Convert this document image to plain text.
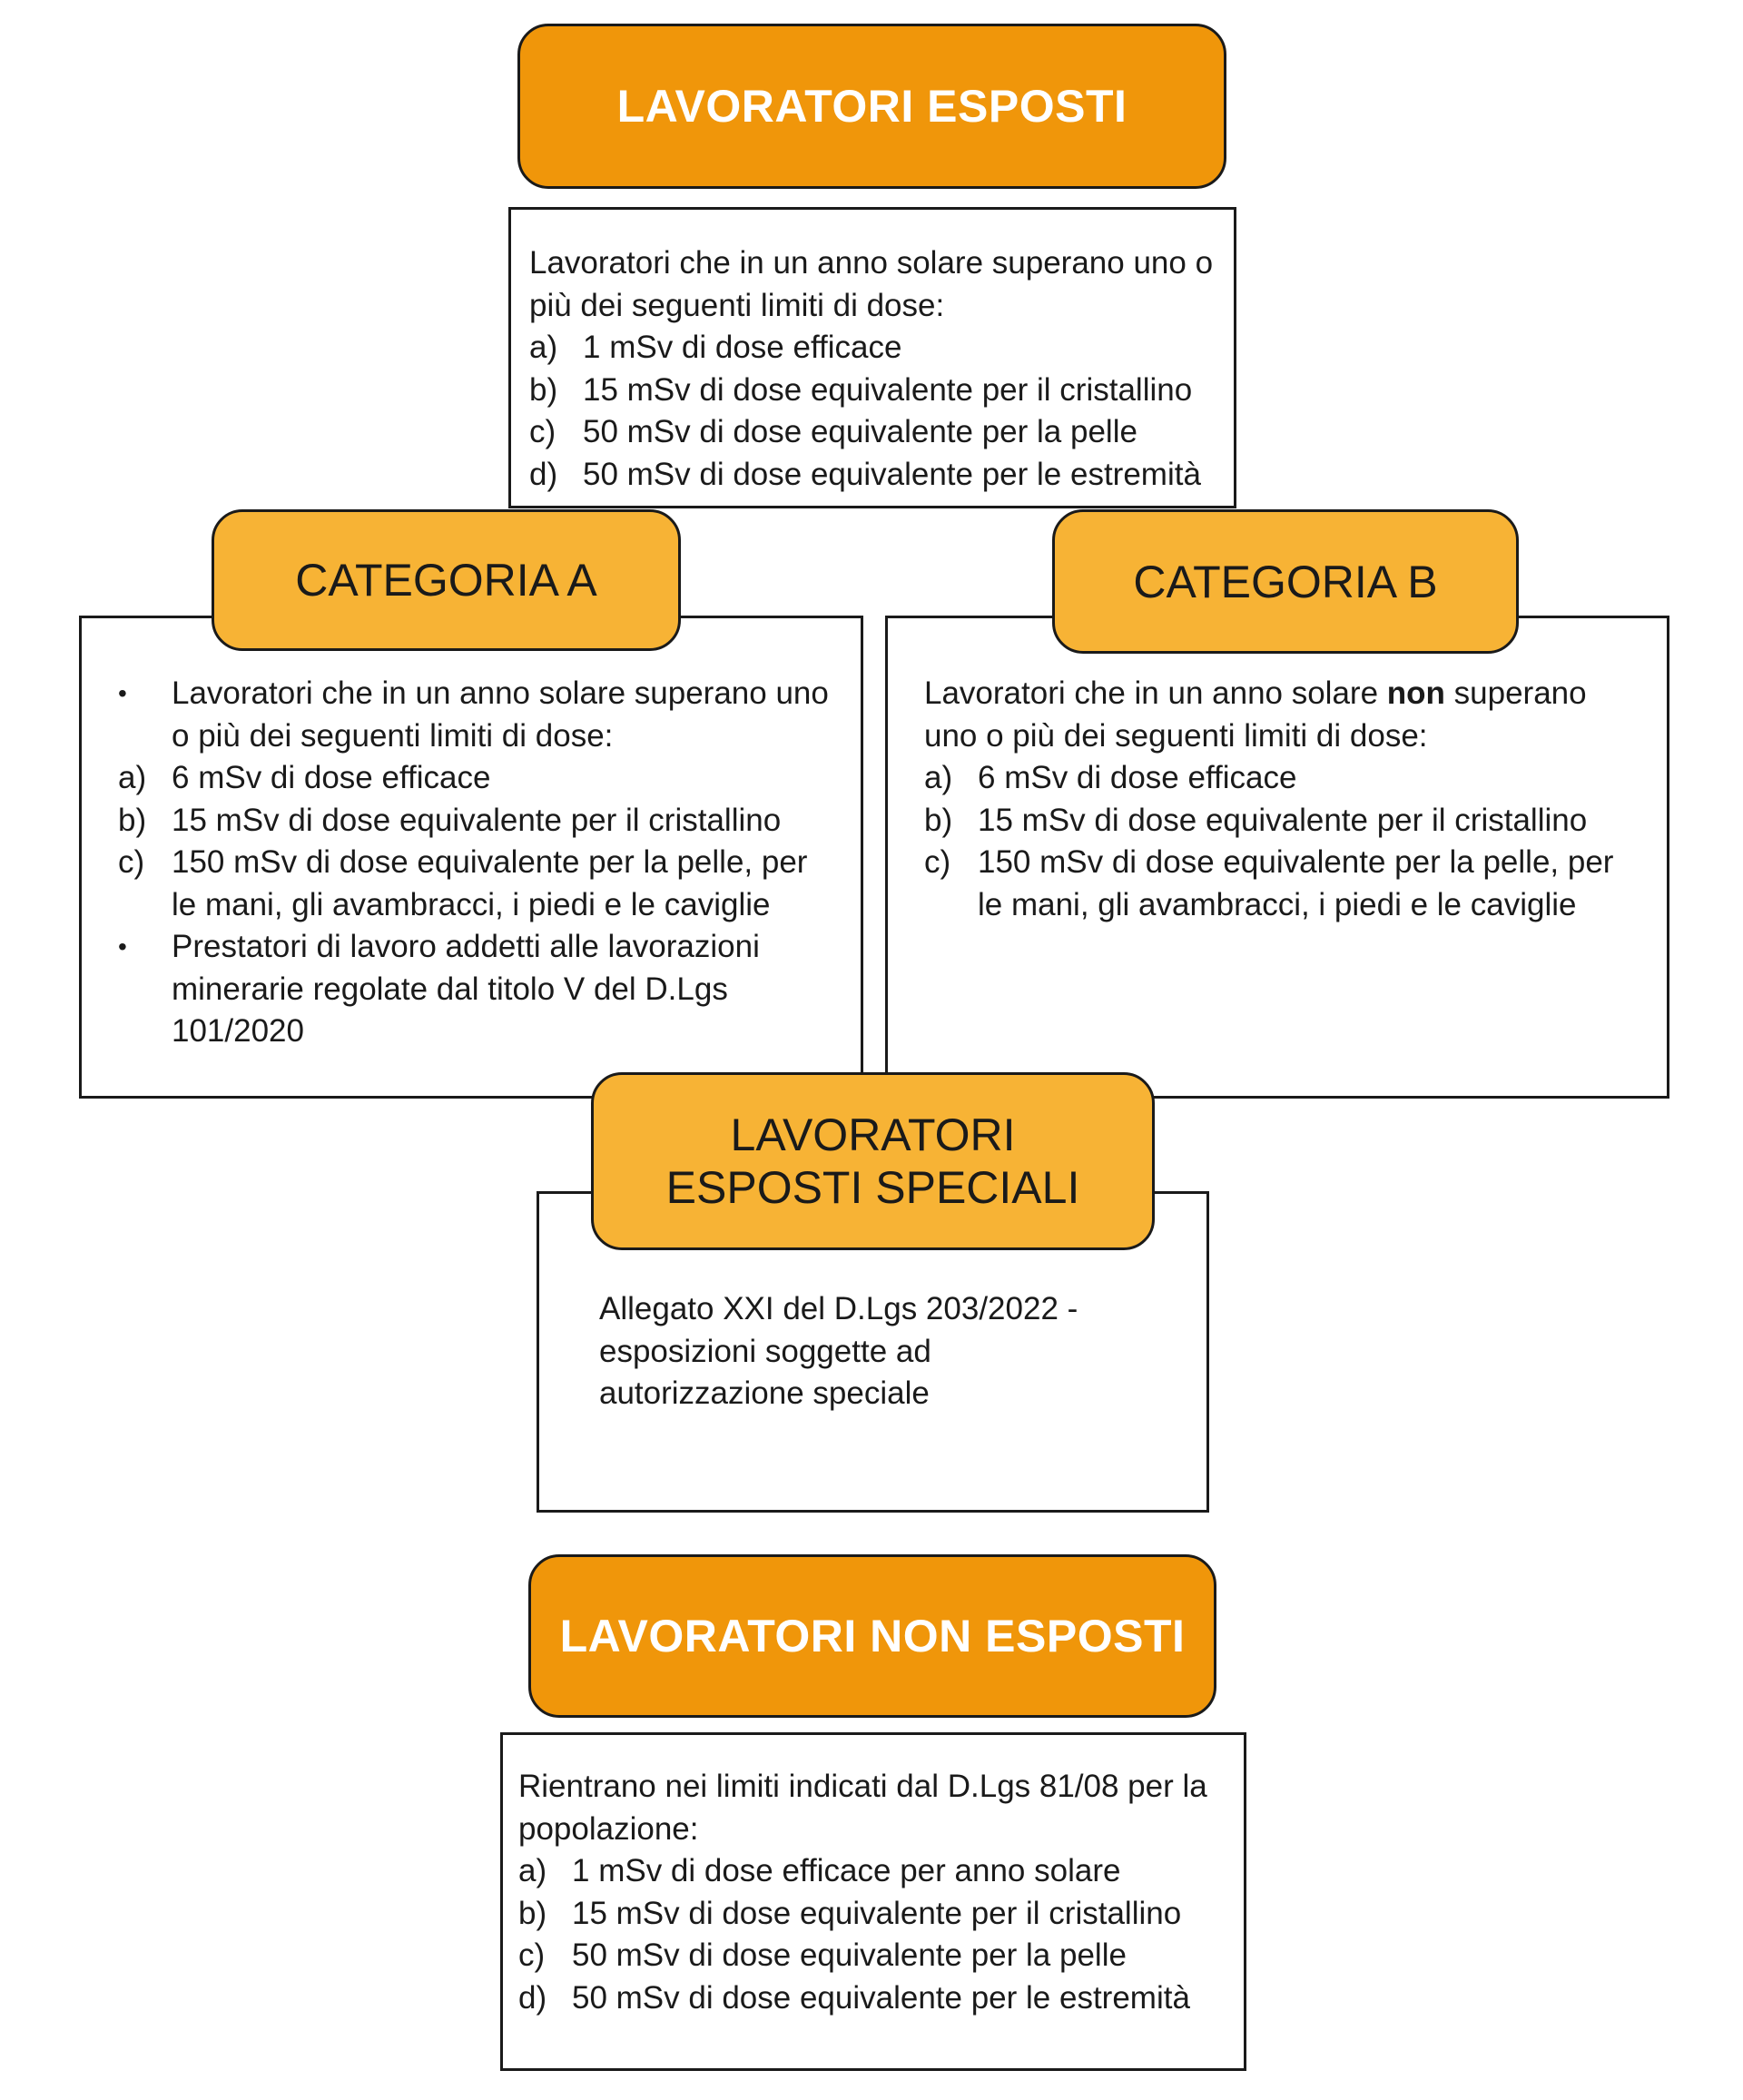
Lavoratori che in un anno solare superano uno o più dei seguenti limiti di dose:

a) 1 mSv di dose efficace
b) 15 mSv di dose equivalente per il cristallino
c) 50 mSv di dose equivalente per la pelle
d) 50 mSv di dose equivalente per le estremità
LAVORATORI ESPOSTI
•	Lavoratori che in un anno solare superano uno o più dei seguenti limiti di dose:
a) 6 mSv di dose efficace
b) 15 mSv di dose equivalente per il cristallino
c) 150 mSv di dose equivalente per la pelle, per le mani, gli avambracci, i piedi e le caviglie
•	Prestatori di lavoro addetti alle lavorazioni minerarie regolate dal titolo V del D.Lgs 101/2020
CATEGORIA A

Lavoratori che in un anno solare non superano uno o più dei seguenti limiti di dose:

a) 6 mSv di dose efficace
b) 15 mSv di dose equivalente per il cristallino
c) 150 mSv di dose equivalente per la pelle, per le mani, gli avambracci, i piedi e le caviglie
CATEGORIA B

Allegato XXI del D.Lgs 203/2022 - esposizioni soggette ad autorizzazione speciale

LAVORATORI ESPOSTI SPECIALI
LAVORATORI NON ESPOSTI

Rientrano nei limiti indicati dal D.Lgs 81/08 per la popolazione:

a) 1 mSv di dose efficace per anno solare
b) 15 mSv di dose equivalente per il cristallino
c) 50 mSv di dose equivalente per la pelle
d) 50 mSv di dose equivalente per le estremità
